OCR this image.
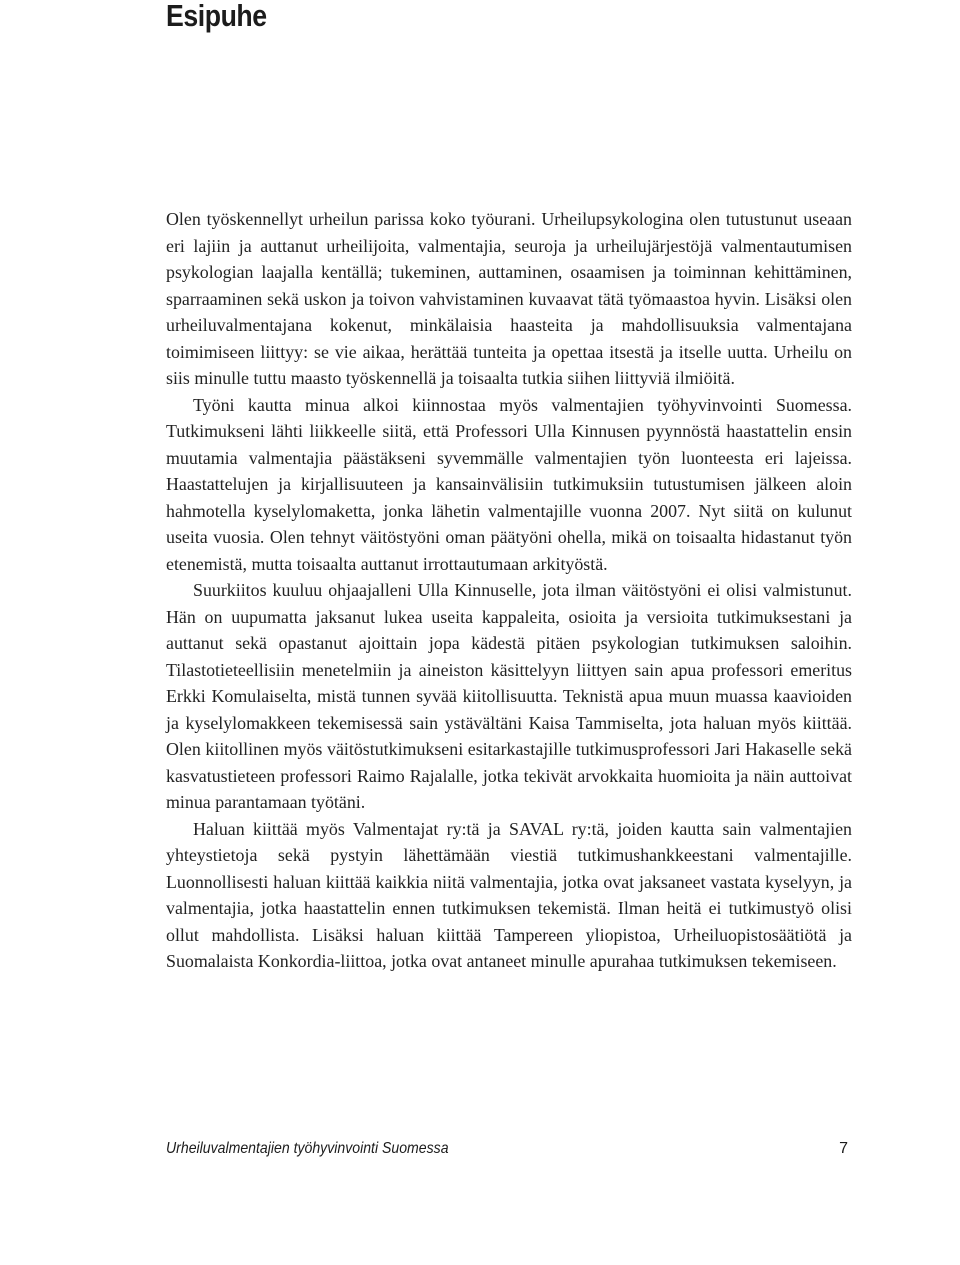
Esipuhe

Olen työskennellyt urheilun parissa koko työurani. Urheilupsykologina olen tutustunut useaan eri lajiin ja auttanut urheilijoita, valmentajia, seuroja ja urheilujärjestöjä valmentautumisen psykologian laajalla kentällä; tukeminen, auttaminen, osaamisen ja toiminnan kehittäminen, sparraaminen sekä uskon ja toivon vahvistaminen kuvaavat tätä työmaastoa hyvin. Lisäksi olen urheiluvalmentajana kokenut, minkälaisia haasteita ja mahdollisuuksia valmentajana toimimiseen liittyy: se vie aikaa, herättää tunteita ja opettaa itsestä ja itselle uutta. Urheilu on siis minulle tuttu maasto työskennellä ja toisaalta tutkia siihen liittyviä ilmiöitä.

Työni kautta minua alkoi kiinnostaa myös valmentajien työhyvinvointi Suomessa. Tutkimukseni lähti liikkeelle siitä, että Professori Ulla Kinnusen pyynnöstä haastattelin ensin muutamia valmentajia päästäkseni syvemmälle valmentajien työn luonteesta eri lajeissa. Haastattelujen ja kirjallisuuteen ja kansainvälisiin tutkimuksiin tutustumisen jälkeen aloin hahmotella kyselylomaketta, jonka lähetin valmentajille vuonna 2007. Nyt siitä on kulunut useita vuosia. Olen tehnyt väitöstyöni oman päätyöni ohella, mikä on toisaalta hidastanut työn etenemistä, mutta toisaalta auttanut irrottautumaan arkityöstä.

Suurkiitos kuuluu ohjaajalleni Ulla Kinnuselle, jota ilman väitöstyöni ei olisi valmistunut. Hän on uupumatta jaksanut lukea useita kappaleita, osioita ja versioita tutkimuksestani ja auttanut sekä opastanut ajoittain jopa kädestä pitäen psykologian tutkimuksen saloihin. Tilastotieteellisiin menetelmiin ja aineiston käsittelyyn liittyen sain apua professori emeritus Erkki Komulaiselta, mistä tunnen syvää kiitollisuutta. Teknistä apua muun muassa kaavioiden ja kyselylomakkeen tekemisessä sain ystävältäni Kaisa Tammiselta, jota haluan myös kiittää. Olen kiitollinen myös väitöstutkimukseni esitarkastajille tutkimusprofessori Jari Hakaselle sekä kasvatustieteen professori Raimo Rajalalle, jotka tekivät arvokkaita huomioita ja näin auttoivat minua parantamaan työtäni.

Haluan kiittää myös Valmentajat ry:tä ja SAVAL ry:tä, joiden kautta sain valmentajien yhteystietoja sekä pystyin lähettämään viestiä tutkimushankkeestani valmentajille. Luonnollisesti haluan kiittää kaikkia niitä valmentajia, jotka ovat jaksaneet vastata kyselyyn, ja valmentajia, jotka haastattelin ennen tutkimuksen tekemistä. Ilman heitä ei tutkimustyö olisi ollut mahdollista. Lisäksi haluan kiittää Tampereen yliopistoa, Urheiluopistosäätiötä ja Suomalaista Konkordia-liittoa, jotka ovat antaneet minulle apurahaa tutkimuksen tekemiseen.

Urheiluvalmentajien työhyvinvointi Suomessa	7
